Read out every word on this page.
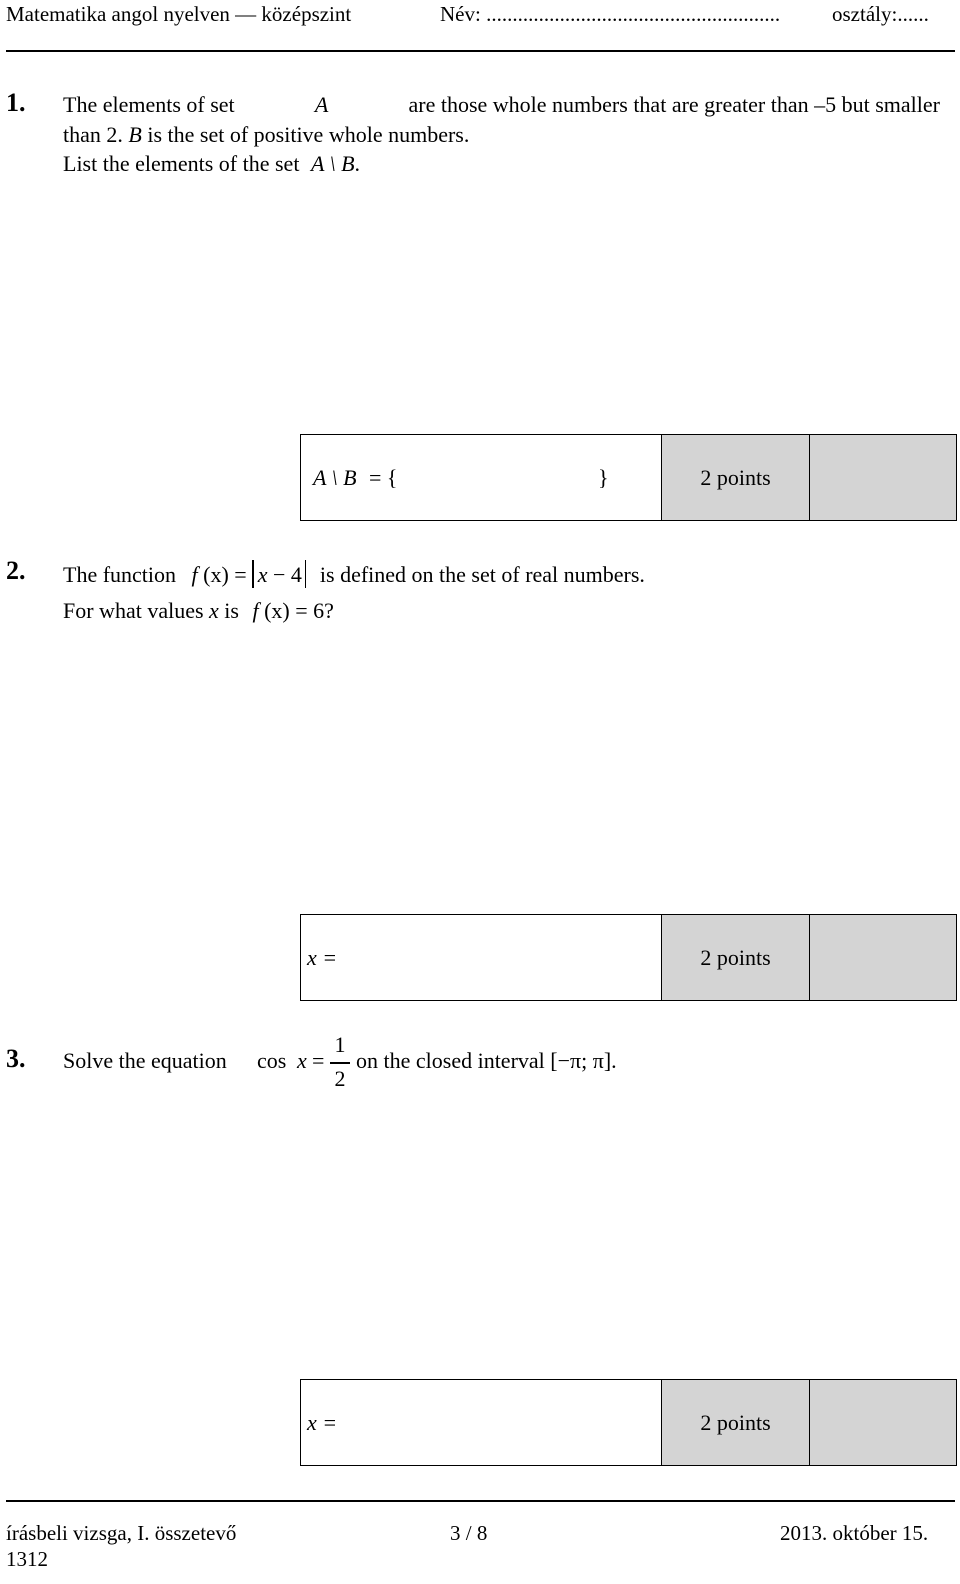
Matematika angol nyelven — középszint	Név: ........................................................ osztály:......
1. The elements of set	A	are those whole numbers that are greater than –5 but smaller
than 2. B is the set of positive whole numbers.
List the elements of the set A \ B.
A \ B = {	}	2 points
2. The function f (x) = x − 4 is defined on the set of real numbers.
For what values x is f (x) = 6?
x =	2 points
3. Solve the equation cos x =
1
2
on the closed interval [−π; π].
x =	2 points
írásbeli vizsga, I. összetevő	3 / 8	2013. október 15.
1312
